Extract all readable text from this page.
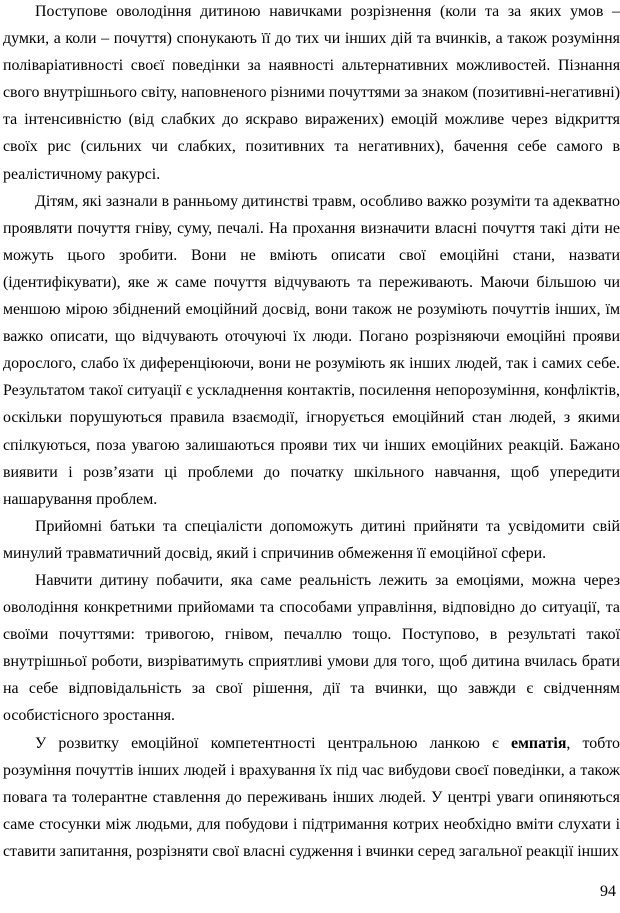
Поступове оволодіння дитиною навичками розрізнення (коли та за яких умов – думки, а коли – почуття) спонукають її до тих чи інших дій та вчинків, а також розуміння поліваріативності своєї поведінки за наявності альтернативних можливостей. Пізнання свого внутрішнього світу, наповненого різними почуттями за знаком (позитивні-негативні) та інтенсивністю (від слабких до яскраво виражених) емоцій можливе через відкриття своїх рис (сильних чи слабких, позитивних та негативних), бачення себе самого в реалістичному ракурсі.

Дітям, які зазнали в ранньому дитинстві травм, особливо важко розуміти та адекватно проявляти почуття гніву, суму, печалі. На прохання визначити власні почуття такі діти не можуть цього зробити. Вони не вміють описати свої емоційні стани, назвати (ідентифікувати), яке ж саме почуття відчувають та переживають. Маючи більшою чи меншою мірою збіднений емоційний досвід, вони також не розуміють почуттів інших, їм важко описати, що відчувають оточуючі їх люди. Погано розрізняючи емоційні прояви дорослого, слабо їх диференціюючи, вони не розуміють як інших людей, так і самих себе. Результатом такої ситуації є ускладнення контактів, посилення непорозуміння, конфліктів, оскільки порушуються правила взаємодії, ігнорується емоційний стан людей, з якими спілкуються, поза увагою залишаються прояви тих чи інших емоційних реакцій. Бажано виявити і розв’язати ці проблеми до початку шкільного навчання, щоб упередити нашарування проблем.

Прийомні батьки та спеціалісти допоможуть дитині прийняти та усвідомити свій минулий травматичний досвід, який і спричинив обмеження її емоційної сфери.

Навчити дитину побачити, яка саме реальність лежить за емоціями, можна через оволодіння конкретними прийомами та способами управління, відповідно до ситуації, та своїми почуттями: тривогою, гнівом, печаллю тощо. Поступово, в результаті такої внутрішньої роботи, визріватимуть сприятливі умови для того, щоб дитина вчилась брати на себе відповідальність за свої рішення, дії та вчинки, що завжди є свідченням особистісного зростання.

У розвитку емоційної компетентності центральною ланкою є емпатія, тобто розуміння почуттів інших людей і врахування їх під час вибудови своєї поведінки, а також повага та толерантне ставлення до переживань інших людей. У центрі уваги опиняються саме стосунки між людьми, для побудови і підтримання котрих необхідно вміти слухати і ставити запитання, розрізняти свої власні судження і вчинки серед загальної реакції інших

94
